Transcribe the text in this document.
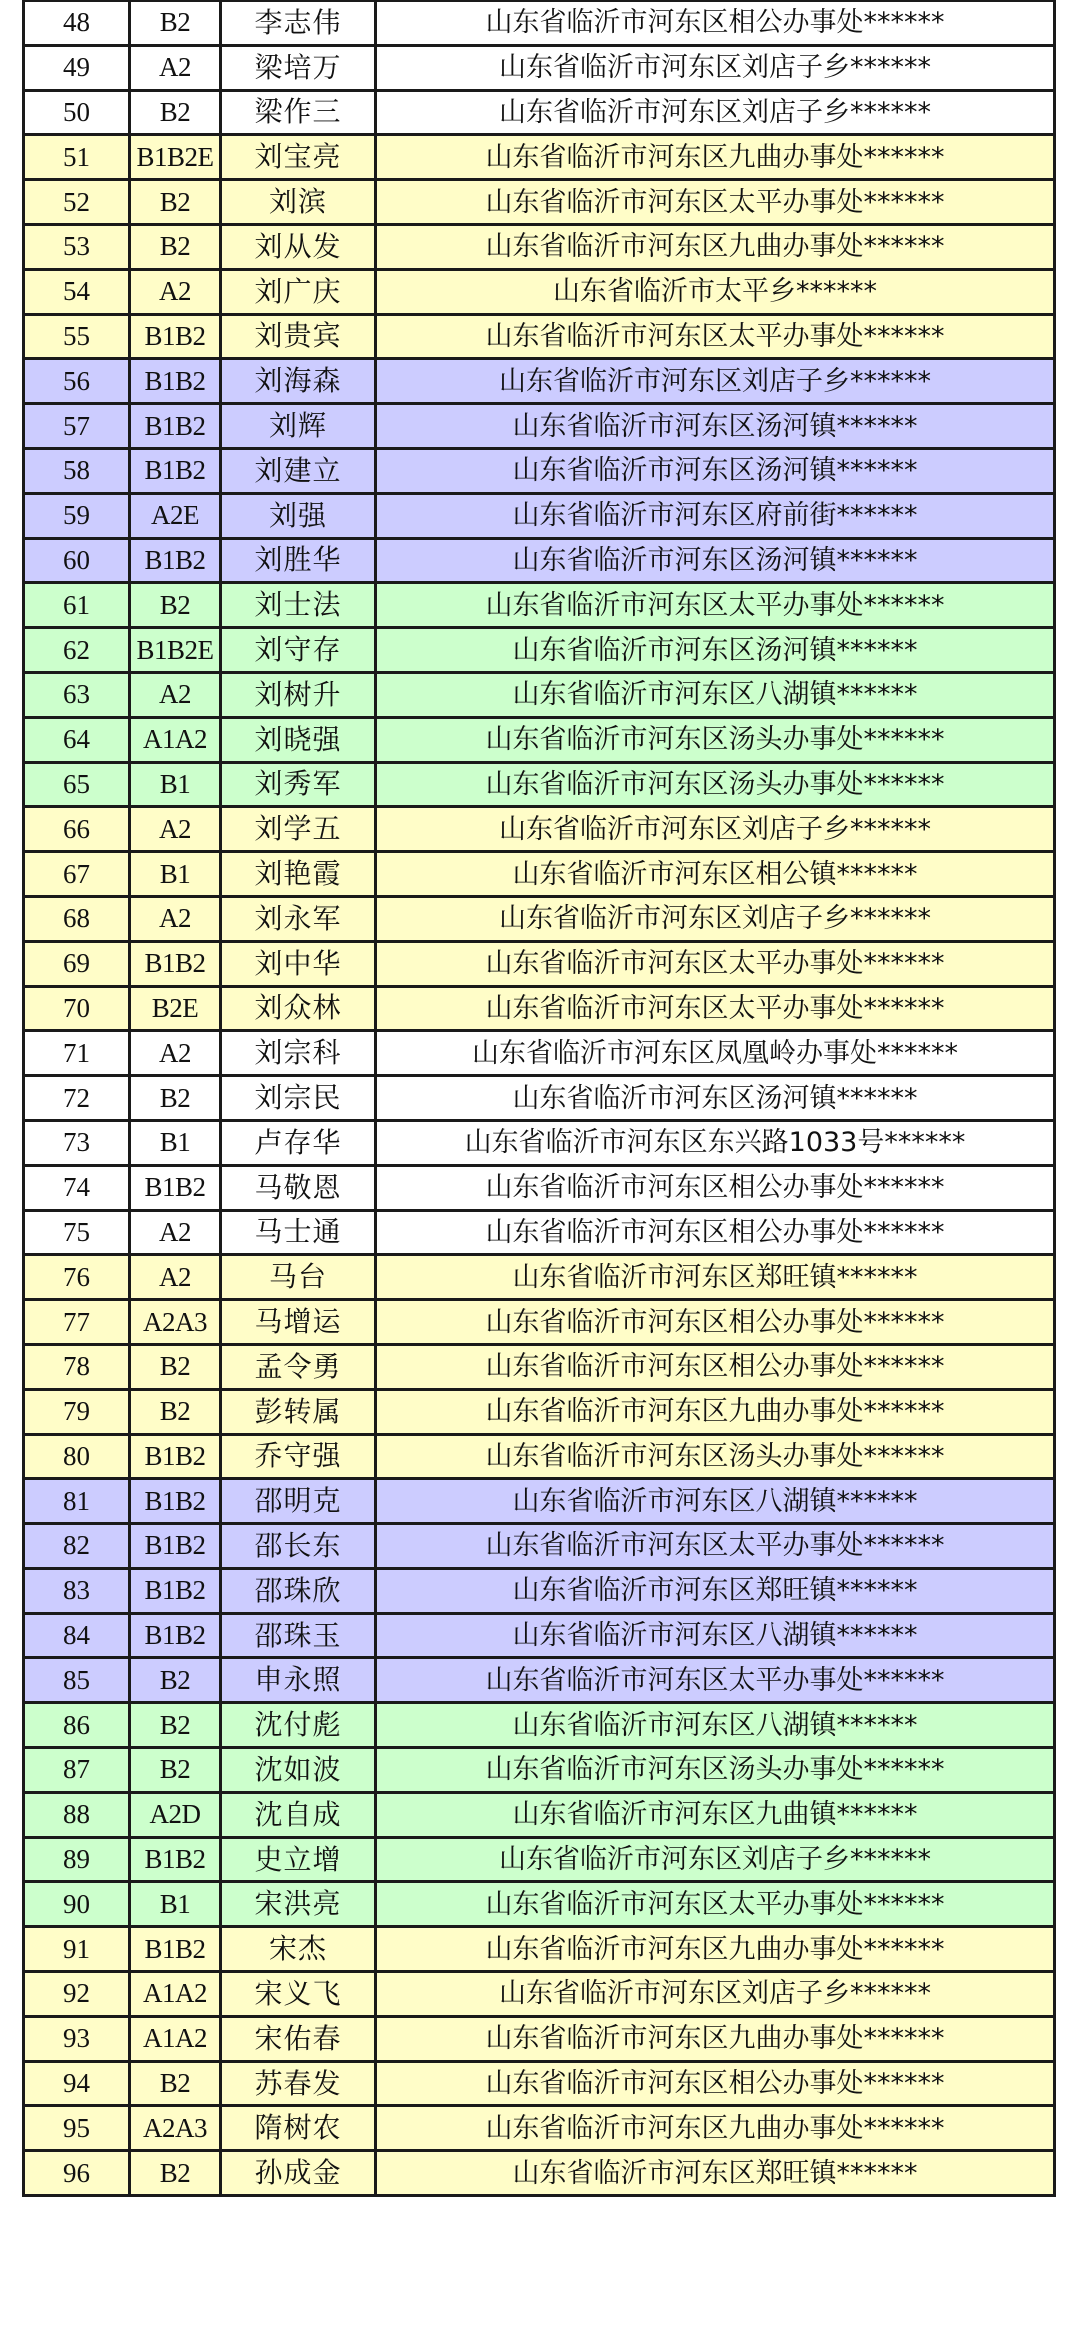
48	B2	李志伟	山东省临沂市河东区相公办事处******
49	A2	梁培万	山东省临沂市河东区刘店子乡******
50	B2	梁作三	山东省临沂市河东区刘店子乡******
51	B1B2E	刘宝亮	山东省临沂市河东区九曲办事处******
52	B2	刘滨	山东省临沂市河东区太平办事处******
53	B2	刘从发	山东省临沂市河东区九曲办事处******
54	A2	刘广庆	山东省临沂市太平乡******
55	B1B2	刘贵宾	山东省临沂市河东区太平办事处******
56	B1B2	刘海森	山东省临沂市河东区刘店子乡******
57	B1B2	刘辉	山东省临沂市河东区汤河镇******
58	B1B2	刘建立	山东省临沂市河东区汤河镇******
59	A2E	刘强	山东省临沂市河东区府前街******
60	B1B2	刘胜华	山东省临沂市河东区汤河镇******
61	B2	刘士法	山东省临沂市河东区太平办事处******
62	B1B2E	刘守存	山东省临沂市河东区汤河镇******
63	A2	刘树升	山东省临沂市河东区八湖镇******
64	A1A2	刘晓强	山东省临沂市河东区汤头办事处******
65	B1	刘秀军	山东省临沂市河东区汤头办事处******
66	A2	刘学五	山东省临沂市河东区刘店子乡******
67	B1	刘艳霞	山东省临沂市河东区相公镇******
68	A2	刘永军	山东省临沂市河东区刘店子乡******
69	B1B2	刘中华	山东省临沂市河东区太平办事处******
70	B2E	刘众林	山东省临沂市河东区太平办事处******
71	A2	刘宗科	山东省临沂市河东区凤凰岭办事处******
72	B2	刘宗民	山东省临沂市河东区汤河镇******
73	B1	卢存华	山东省临沂市河东区东兴路1033号******
74	B1B2	马敬恩	山东省临沂市河东区相公办事处******
75	A2	马士通	山东省临沂市河东区相公办事处******
76	A2	马台	山东省临沂市河东区郑旺镇******
77	A2A3	马增运	山东省临沂市河东区相公办事处******
78	B2	孟令勇	山东省临沂市河东区相公办事处******
79	B2	彭转属	山东省临沂市河东区九曲办事处******
80	B1B2	乔守强	山东省临沂市河东区汤头办事处******
81	B1B2	邵明克	山东省临沂市河东区八湖镇******
82	B1B2	邵长东	山东省临沂市河东区太平办事处******
83	B1B2	邵珠欣	山东省临沂市河东区郑旺镇******
84	B1B2	邵珠玉	山东省临沂市河东区八湖镇******
85	B2	申永照	山东省临沂市河东区太平办事处******
86	B2	沈付彪	山东省临沂市河东区八湖镇******
87	B2	沈如波	山东省临沂市河东区汤头办事处******
88	A2D	沈自成	山东省临沂市河东区九曲镇******
89	B1B2	史立增	山东省临沂市河东区刘店子乡******
90	B1	宋洪亮	山东省临沂市河东区太平办事处******
91	B1B2	宋杰	山东省临沂市河东区九曲办事处******
92	A1A2	宋义飞	山东省临沂市河东区刘店子乡******
93	A1A2	宋佑春	山东省临沂市河东区九曲办事处******
94	B2	苏春发	山东省临沂市河东区相公办事处******
95	A2A3	隋树农	山东省临沂市河东区九曲办事处******
96	B2	孙成金	山东省临沂市河东区郑旺镇******
